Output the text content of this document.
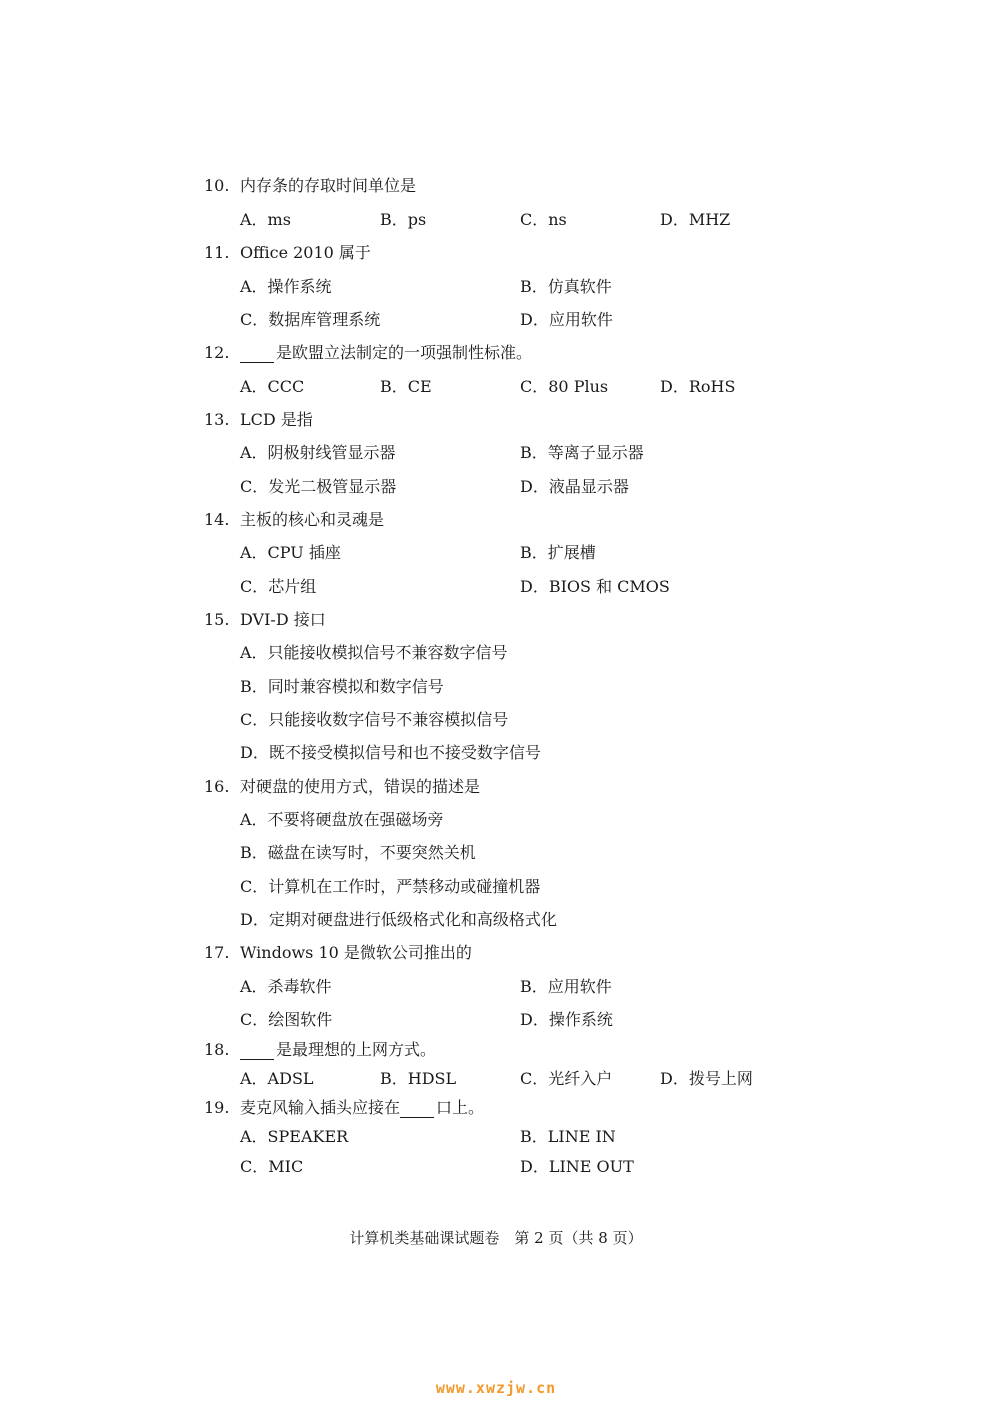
10. 内存条的存取时间单位是
A．ms	B．ps	C．ns	D．MHZ
11. Office 2010 属于
A．操作系统	B．仿真软件
C．数据库管理系统	D．应用软件
12.	是欧盟立法制定的一项强制性标准。
A．CCC	B．CE	C．80 Plus	D．RoHS
13. LCD 是指
A．阴极射线管显示器	B．等离子显示器
C．发光二极管显示器	D．液晶显示器
14. 主板的核心和灵魂是
A．CPU 插座	B．扩展槽
C．芯片组	D．BIOS 和 CMOS
15. DVI-D 接口
A．只能接收模拟信号不兼容数字信号
B．同时兼容模拟和数字信号
C．只能接收数字信号不兼容模拟信号
D．既不接受模拟信号和也不接受数字信号
16. 对硬盘的使用方式，错误的描述是
A．不要将硬盘放在强磁场旁
B．磁盘在读写时，不要突然关机
C．计算机在工作时，严禁移动或碰撞机器
D．定期对硬盘进行低级格式化和高级格式化
17. Windows 10 是微软公司推出的
A．杀毒软件	B．应用软件
C．绘图软件	D．操作系统
18.	是最理想的上网方式。
A．ADSL	B．HDSL	C．光纤入户	D．拨号上网
19. 麦克风输入插头应接在 口上。
A．SPEAKER	B．LINE IN
C．MIC	D．LINE OUT
计算机类基础课试题卷　第 2 页（共 8 页）
www.xwzjw.cn
